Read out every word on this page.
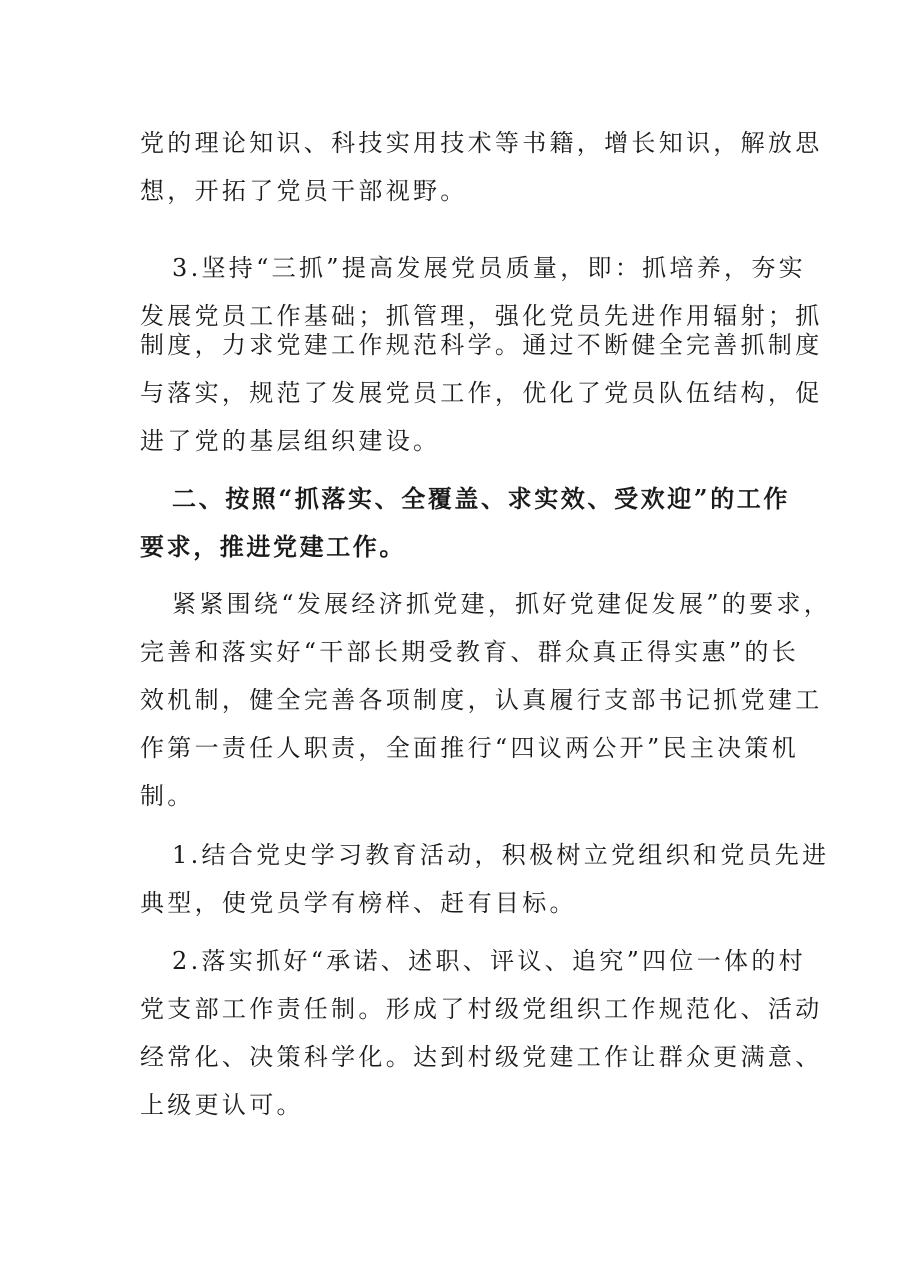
党的理论知识、科技实用技术等书籍，增长知识，解放思
想，开拓了党员干部视野。
3.坚持“三抓”提高发展党员质量，即：抓培养，夯实
发展党员工作基础；抓管理，强化党员先进作用辐射；抓
制度，力求党建工作规范科学。通过不断健全完善抓制度
与落实，规范了发展党员工作，优化了党员队伍结构，促
进了党的基层组织建设。
二、按照“抓落实、全覆盖、求实效、受欢迎”的工作
要求，推进党建工作。
紧紧围绕“发展经济抓党建，抓好党建促发展”的要求，
完善和落实好“干部长期受教育、群众真正得实惠”的长
效机制，健全完善各项制度，认真履行支部书记抓党建工
作第一责任人职责，全面推行“四议两公开”民主决策机
制。
1.结合党史学习教育活动，积极树立党组织和党员先进
典型，使党员学有榜样、赶有目标。
2.落实抓好“承诺、述职、评议、追究”四位一体的村
党支部工作责任制。形成了村级党组织工作规范化、活动
经常化、决策科学化。达到村级党建工作让群众更满意、
上级更认可。
